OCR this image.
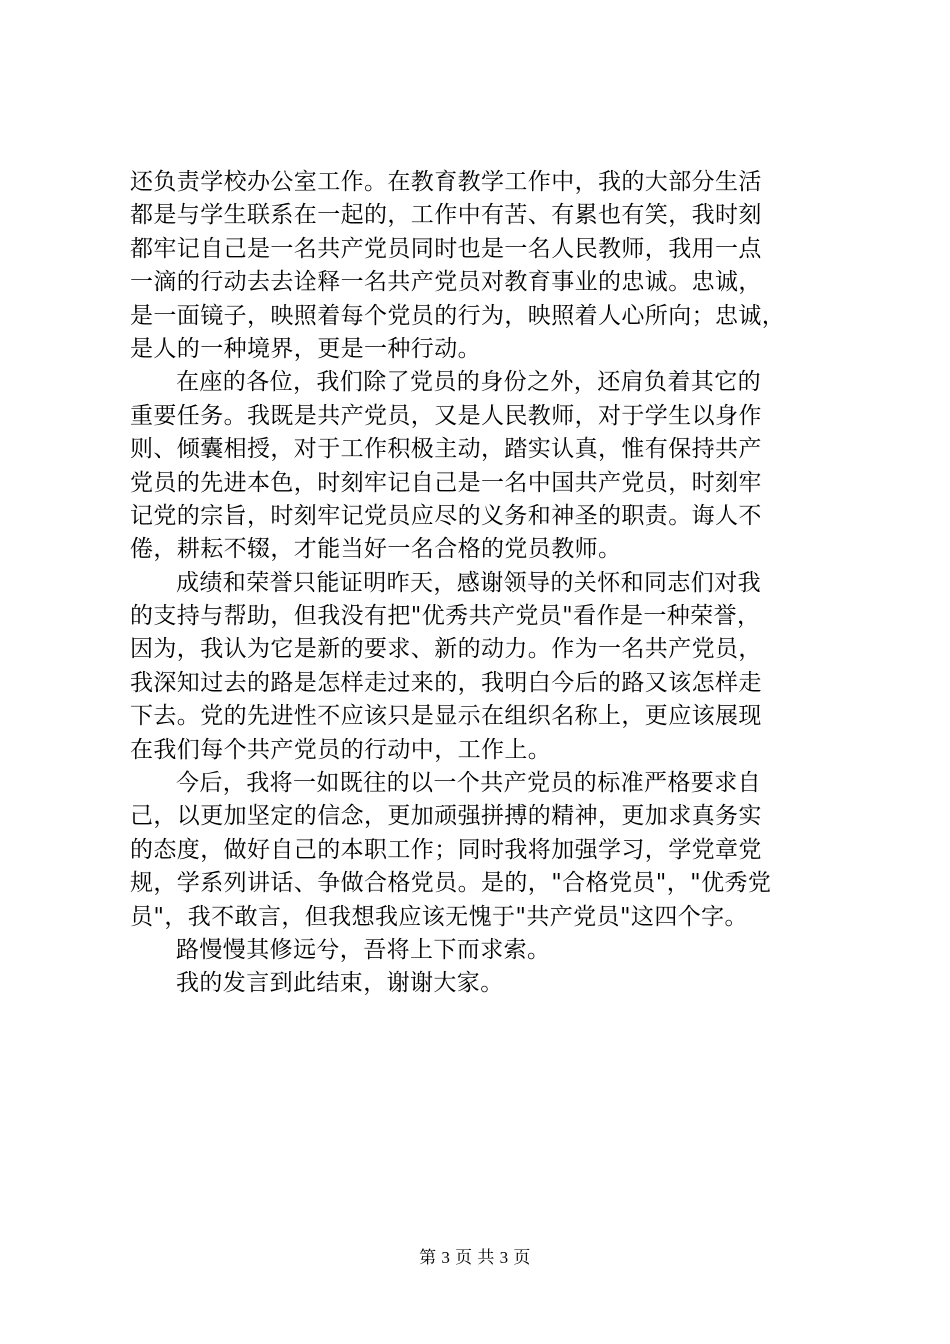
还负责学校办公室工作。在教育教学工作中，我的大部分生活
都是与学生联系在一起的，工作中有苦、有累也有笑，我时刻
都牢记自己是一名共产党员同时也是一名人民教师，我用一点
一滴的行动去去诠释一名共产党员对教育事业的忠诚。忠诚，
是一面镜子，映照着每个党员的行为，映照着人心所向；忠诚，
是人的一种境界，更是一种行动。
在座的各位，我们除了党员的身份之外，还肩负着其它的
重要任务。我既是共产党员，又是人民教师，对于学生以身作
则、倾囊相授，对于工作积极主动，踏实认真，惟有保持共产
党员的先进本色，时刻牢记自己是一名中国共产党员，时刻牢
记党的宗旨，时刻牢记党员应尽的义务和神圣的职责。诲人不
倦，耕耘不辍，才能当好一名合格的党员教师。
成绩和荣誉只能证明昨天，感谢领导的关怀和同志们对我
的支持与帮助，但我没有把"优秀共产党员"看作是一种荣誉，
因为，我认为它是新的要求、新的动力。作为一名共产党员，
我深知过去的路是怎样走过来的，我明白今后的路又该怎样走
下去。党的先进性不应该只是显示在组织名称上，更应该展现
在我们每个共产党员的行动中，工作上。
今后，我将一如既往的以一个共产党员的标准严格要求自
己，以更加坚定的信念，更加顽强拼搏的精神，更加求真务实
的态度，做好自己的本职工作；同时我将加强学习，学党章党
规，学系列讲话、争做合格党员。是的，"合格党员"，"优秀党
员"，我不敢言，但我想我应该无愧于"共产党员"这四个字。
路慢慢其修远兮，吾将上下而求索。
我的发言到此结束，谢谢大家。
第 3 页 共 3 页
